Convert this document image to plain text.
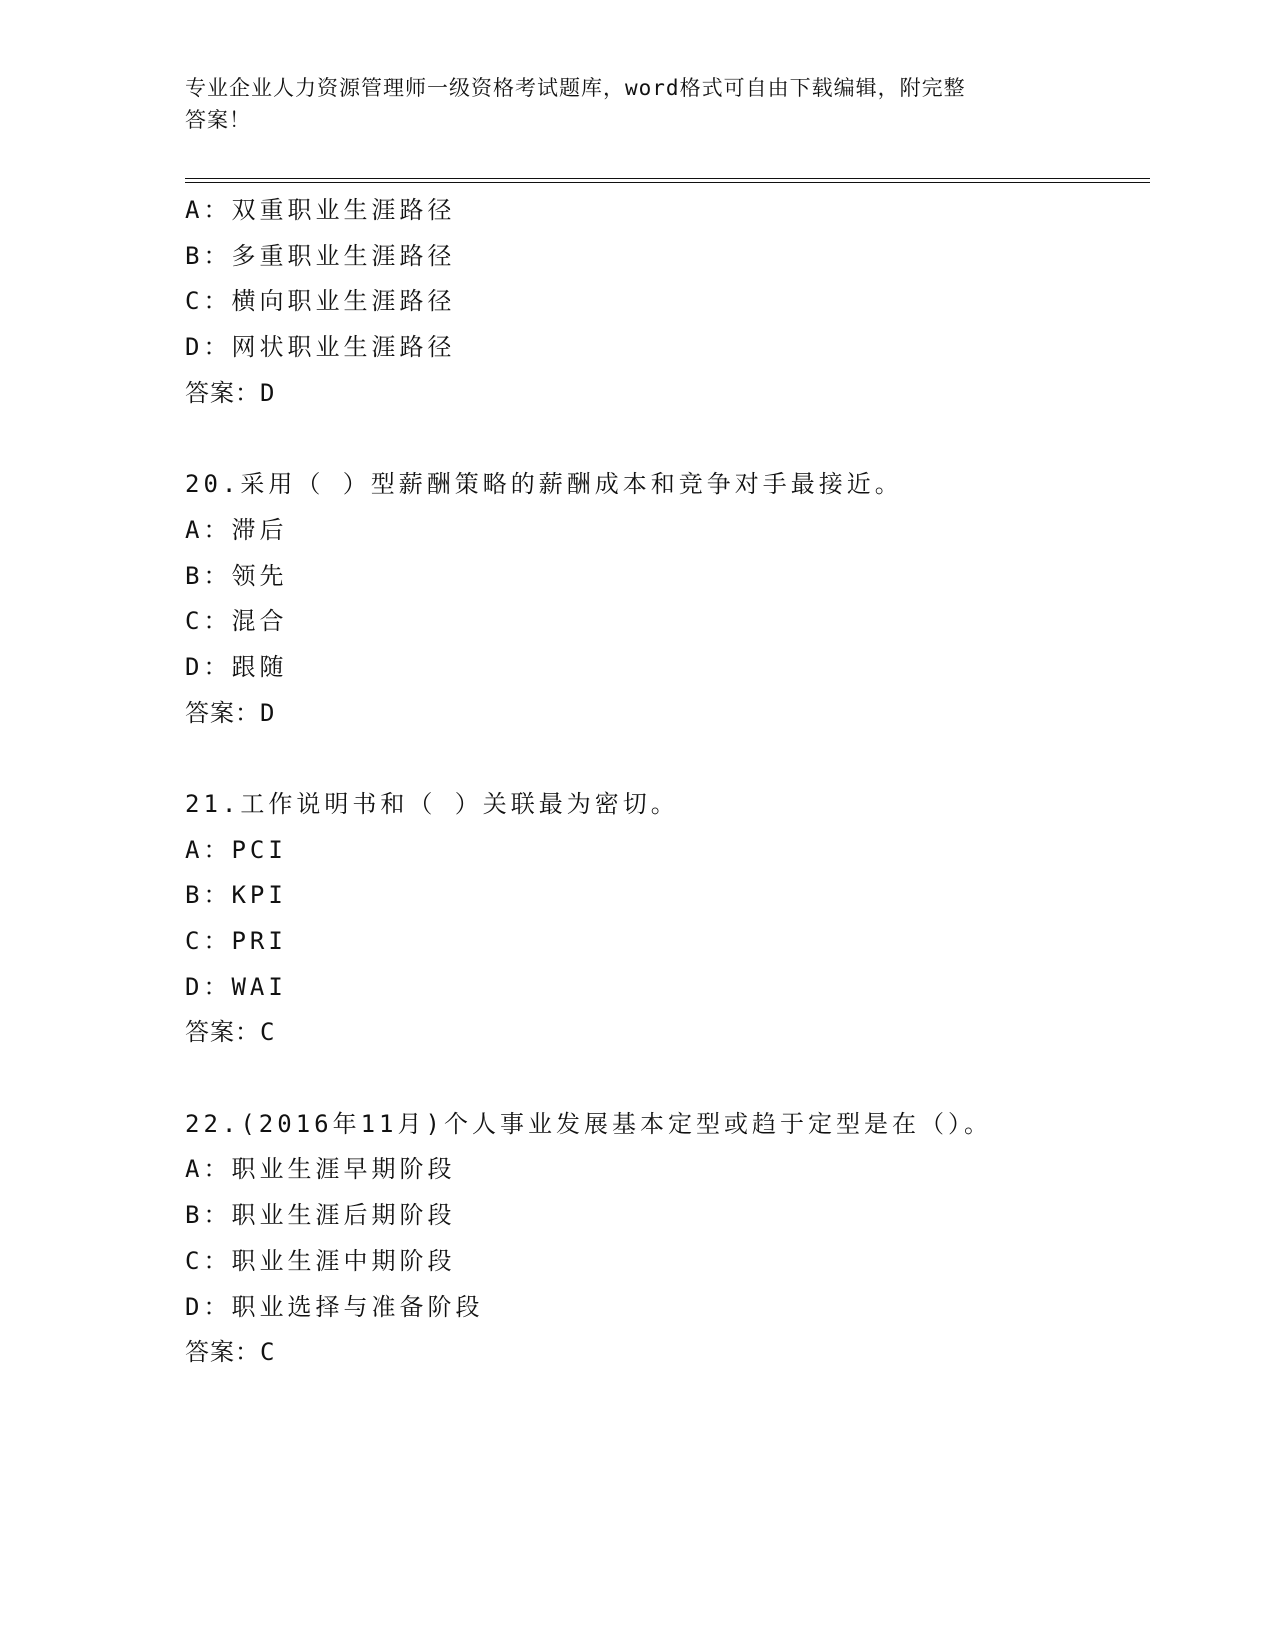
专业企业人力资源管理师一级资格考试题库，word格式可自由下载编辑，附完整
答案！
A：双重职业生涯路径
B：多重职业生涯路径
C：横向职业生涯路径
D：网状职业生涯路径
答案：D
20.采用（ ）型薪酬策略的薪酬成本和竞争对手最接近。
A：滞后
B：领先
C：混合
D：跟随
答案：D
21.工作说明书和（ ）关联最为密切。
A：PCI
B：KPI
C：PRI
D：WAI
答案：C
22.(2016年11月)个人事业发展基本定型或趋于定型是在（）。
A：职业生涯早期阶段
B：职业生涯后期阶段
C：职业生涯中期阶段
D：职业选择与准备阶段
答案：C
